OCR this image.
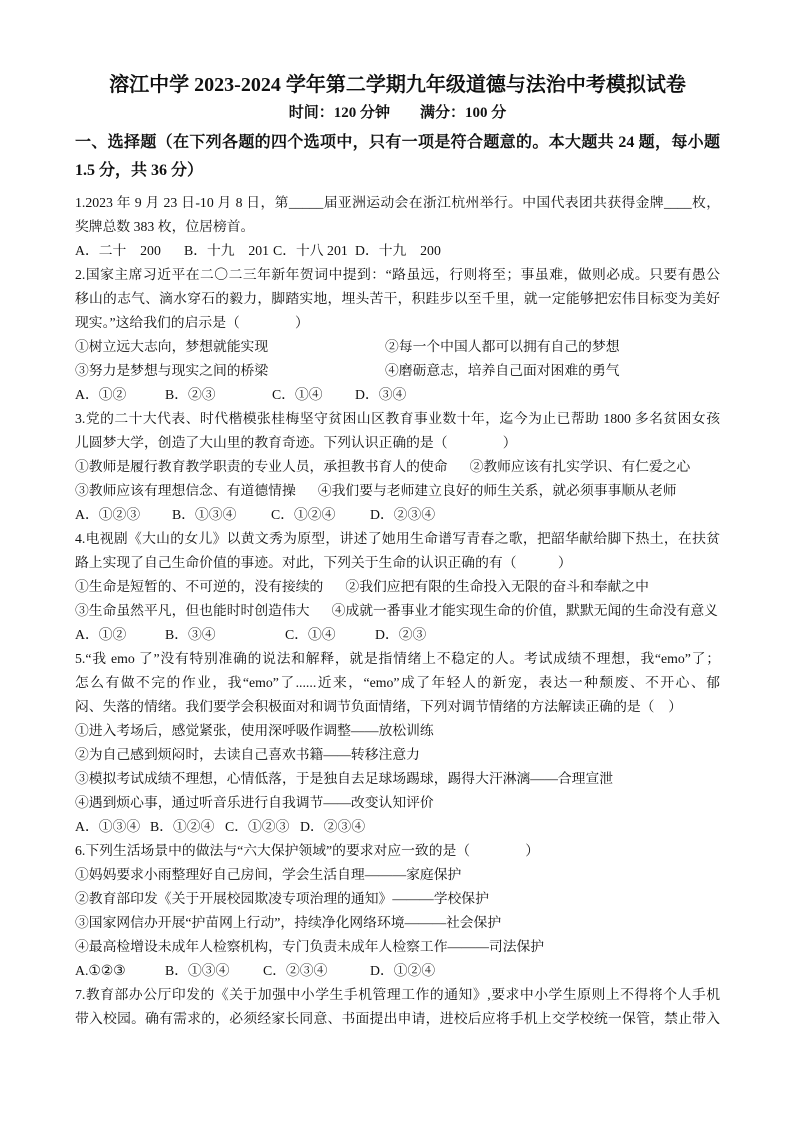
溶江中学 2023-2024 学年第二学期九年级道德与法治中考模拟试卷
时间：120 分钟　　满分：100 分
一、选择题（在下列各题的四个选项中，只有一项是符合题意的。本大题共 24 题，每小题
1.5 分，共 36 分）
1.2023 年 9 月 23 日-10 月 8 日，第_____届亚洲运动会在浙江杭州举行。中国代表团共获得金牌____枚，
奖牌总数 383 枚，位居榜首。
A．二十　200 B．十九　201 C．十八 201 D．十九　200
2.国家主席习近平在二〇二三年新年贺词中提到：“路虽远，行则将至；事虽难，做则必成。只要有愚公
移山的志气、滴水穿石的毅力，脚踏实地，埋头苦干，积跬步以至千里，就一定能够把宏伟目标变为美好
现实。”这给我们的启示是（　　　　）
①树立远大志向，梦想就能实现	②每一个中国人都可以拥有自己的梦想
③努力是梦想与现实之间的桥梁	④磨砺意志，培养自己面对困难的勇气
A．①②	B．②③	C．①④ D．③④
3.党的二十大代表、时代楷模张桂梅坚守贫困山区教育事业数十年，迄今为止已帮助 1800 多名贫困女孩
儿圆梦大学，创造了大山里的教育奇迹。下列认识正确的是（　　　　）
①教师是履行教育教学职责的专业人员，承担教书育人的使命 ②教师应该有扎实学识、有仁爱之心
③教师应该有理想信念、有道德情操 ④我们要与老师建立良好的师生关系，就必须事事顺从老师
A．①②③ B．①③④	C．①②④	D．②③④
4.电视剧《大山的女儿》以黄文秀为原型，讲述了她用生命谱写青春之歌，把韶华献给脚下热土，在扶贫
路上实现了自己生命价值的事迹。对此，下列关于生命的认识正确的有（　　　）
①生命是短暂的、不可逆的，没有接续的 ②我们应把有限的生命投入无限的奋斗和奉献之中
③生命虽然平凡，但也能时时创造伟大 ④成就一番事业才能实现生命的价值，默默无闻的生命没有意义
A．①②	B．③④	C．①④	D．②③
5.“我 emo 了”没有特别准确的说法和解释，就是指情绪上不稳定的人。考试成绩不理想，我“emo”了；
怎么有做不完的作业，我“emo”了......近来，“emo”成了年轻人的新宠，表达一种颓废、不开心、郁
闷、失落的情绪。我们要学会积极面对和调节负面情绪，下列对调节情绪的方法解读正确的是（　）
①进入考场后，感觉紧张，使用深呼吸作调整——放松训练
②为自己感到烦闷时，去读自己喜欢书籍——转移注意力
③模拟考试成绩不理想，心情低落，于是独自去足球场踢球，踢得大汗淋漓——合理宣泄
④遇到烦心事，通过听音乐进行自我调节——改变认知评价
A．①③④ B．①②④ C．①②③ D．②③④
6.下列生活场景中的做法与“六大保护领域”的要求对应一致的是（　　　　）
①妈妈要求小雨整理好自己房间，学会生活自理———家庭保护
②教育部印发《关于开展校园欺凌专项治理的通知》———学校保护
③国家网信办开展“护苗网上行动”，持续净化网络环境———社会保护
④最高检增设未成年人检察机构，专门负责未成年人检察工作———司法保护
A.①②③	B．①③④ C．②③④	D．①②④
7.教育部办公厅印发的《关于加强中小学生手机管理工作的通知》,要求中小学生原则上不得将个人手机
带入校园。确有需求的，必须经家长同意、书面提出申请，进校后应将手机上交学校统一保管，禁止带入
